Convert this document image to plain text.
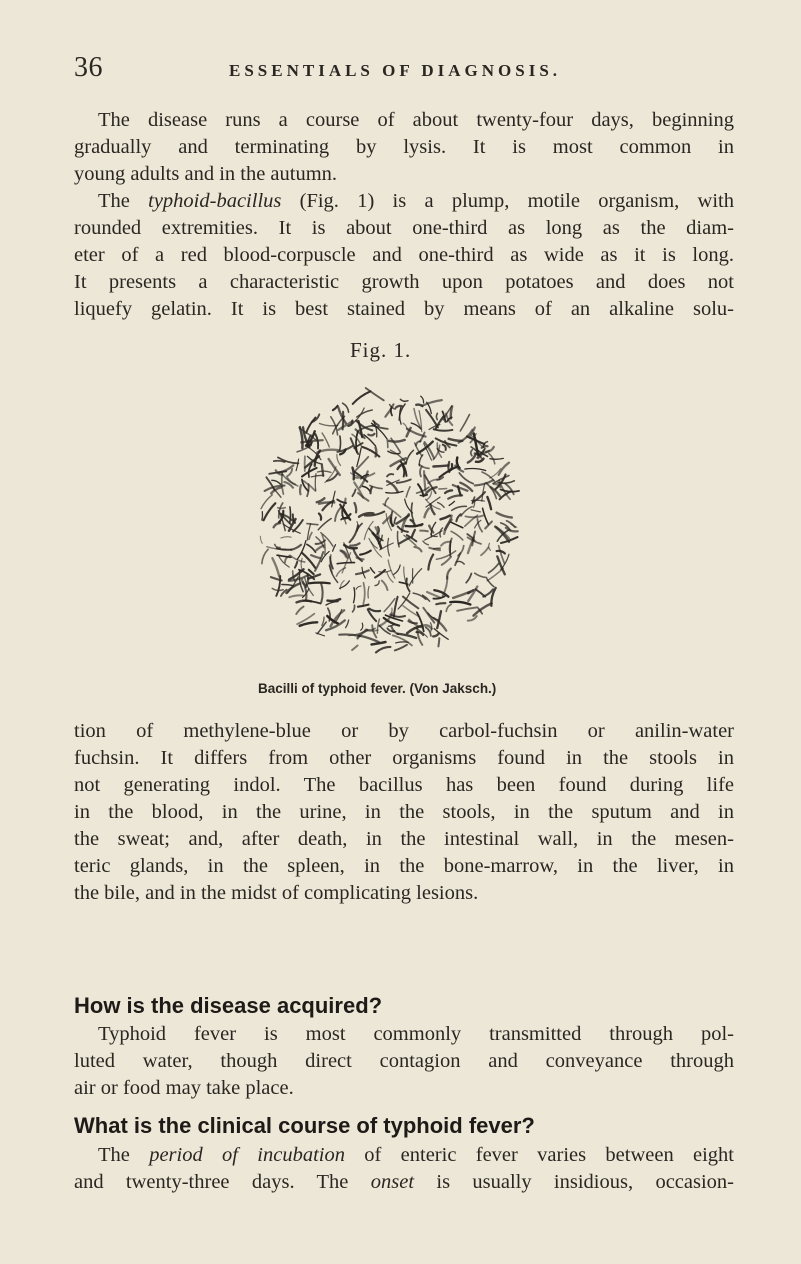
36	ESSENTIALS OF DIAGNOSIS.
The disease runs a course of about twenty-four days, beginning
gradually and terminating by lysis. It is most common in
young adults and in the autumn.
The typhoid-bacillus (Fig. 1) is a plump, motile organism, with
rounded extremities. It is about one-third as long as the diam-
eter of a red blood-corpuscle and one-third as wide as it is long.
It presents a characteristic growth upon potatoes and does not
liquefy gelatin. It is best stained by means of an alkaline solu-
Fig. 1.
Bacilli of typhoid fever. (Von Jaksch.)
tion of methylene-blue or by carbol-fuchsin or anilin-water
fuchsin. It differs from other organisms found in the stools in
not generating indol. The bacillus has been found during life
in the blood, in the urine, in the stools, in the sputum and in
the sweat; and, after death, in the intestinal wall, in the mesen-
teric glands, in the spleen, in the bone-marrow, in the liver, in
the bile, and in the midst of complicating lesions.
How is the disease acquired?
Typhoid fever is most commonly transmitted through pol-
luted water, though direct contagion and conveyance through
air or food may take place.
What is the clinical course of typhoid fever?
The period of incubation of enteric fever varies between eight
and twenty-three days. The onset is usually insidious, occasion-
